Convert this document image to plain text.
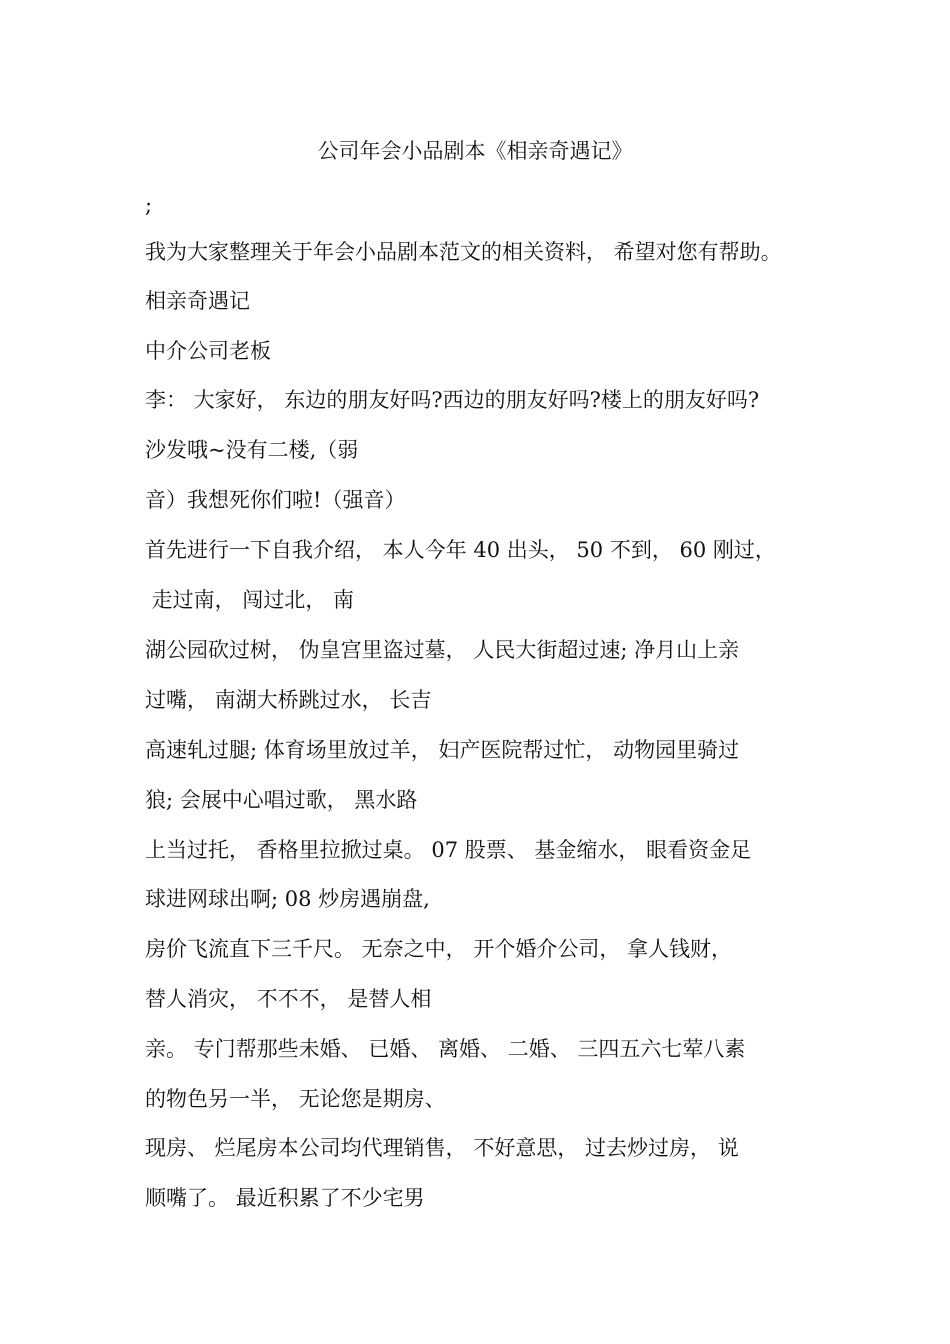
公司年会小品剧本《相亲奇遇记》
;
我为大家整理关于年会小品剧本范文的相关资料， 希望对您有帮助。
相亲奇遇记
中介公司老板
李： 大家好， 东边的朋友好吗?西边的朋友好吗?楼上的朋友好吗?
沙发哦~没有二楼,（弱
音）我想死你们啦!（强音）
首先进行一下自我介绍， 本人今年 40 出头， 50 不到， 60 刚过，
走过南， 闯过北， 南
湖公园砍过树， 伪皇宫里盗过墓， 人民大街超过速; 净月山上亲
过嘴， 南湖大桥跳过水， 长吉
高速轧过腿; 体育场里放过羊， 妇产医院帮过忙， 动物园里骑过
狼; 会展中心唱过歌， 黑水路
上当过托， 香格里拉掀过桌。 07 股票、 基金缩水， 眼看资金足
球进网球出啊; 08 炒房遇崩盘,
房价飞流直下三千尺。 无奈之中， 开个婚介公司， 拿人钱财，
替人消灾， 不不不， 是替人相
亲。 专门帮那些未婚、 已婚、 离婚、 二婚、 三四五六七荤八素
的物色另一半， 无论您是期房、
现房、 烂尾房本公司均代理销售， 不好意思， 过去炒过房， 说
顺嘴了。 最近积累了不少宅男
